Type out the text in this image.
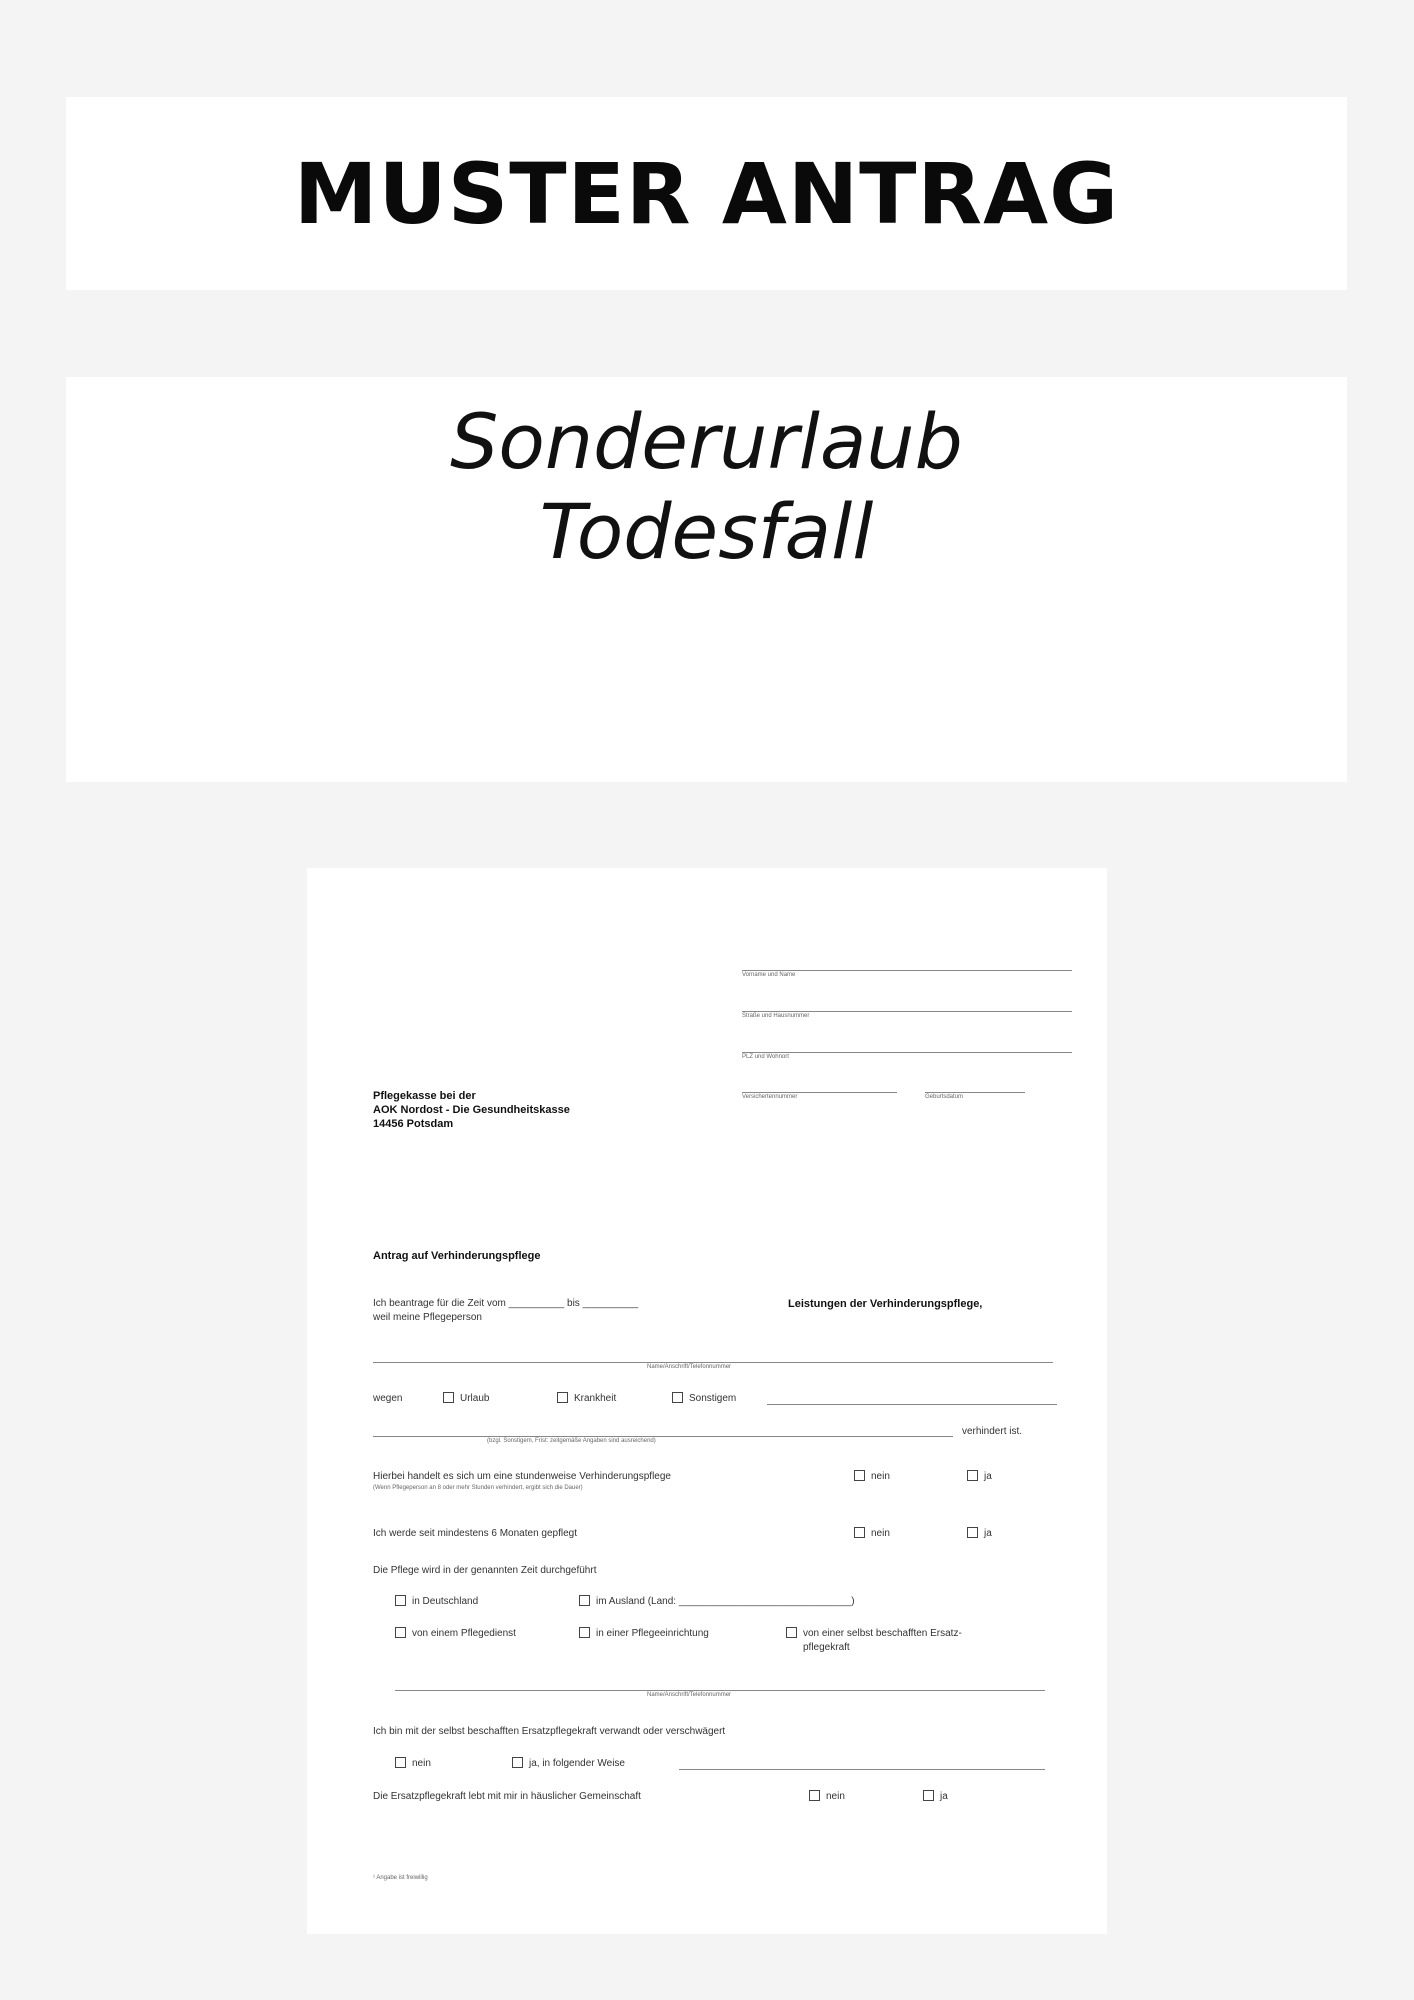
MUSTER ANTRAG
Sonderurlaub
Todesfall
Vorname und Name
Straße und Hausnummer
PLZ und Wohnort
Versichertennummer	Geburtsdatum
Pflegekasse bei der
AOK Nordost - Die Gesundheitskasse
14456 Potsdam
Antrag auf Verhinderungspflege
Ich beantrage für die Zeit vom __________ bis __________	Leistungen der Verhinderungspflege,
weil meine Pflegeperson
Name/Anschrift/Telefonnummer
wegen	Urlaub	Krankheit	Sonstigem
verhindert ist.
(bzgl. Sonstigem, Frist: zeitgemäße Angaben sind ausreichend)
Hierbei handelt es sich um eine stundenweise Verhinderungspflege
(Wenn Pflegeperson an 8 oder mehr Stunden verhindert, ergibt sich die Dauer)
nein	ja
Ich werde seit mindestens 6 Monaten gepflegt	nein	ja
Die Pflege wird in der genannten Zeit durchgeführt
in Deutschland	im Ausland (Land: _______________________________)
von einem Pflegedienst	in einer Pflegeeinrichtung	von einer selbst beschafften Ersatz-
pflegekraft
Name/Anschrift/Telefonnummer
Ich bin mit der selbst beschafften Ersatzpflegekraft verwandt oder verschwägert
nein	ja, in folgender Weise
Die Ersatzpflegekraft lebt mit mir in häuslicher Gemeinschaft	nein	ja
¹ Angabe ist freiwillig
